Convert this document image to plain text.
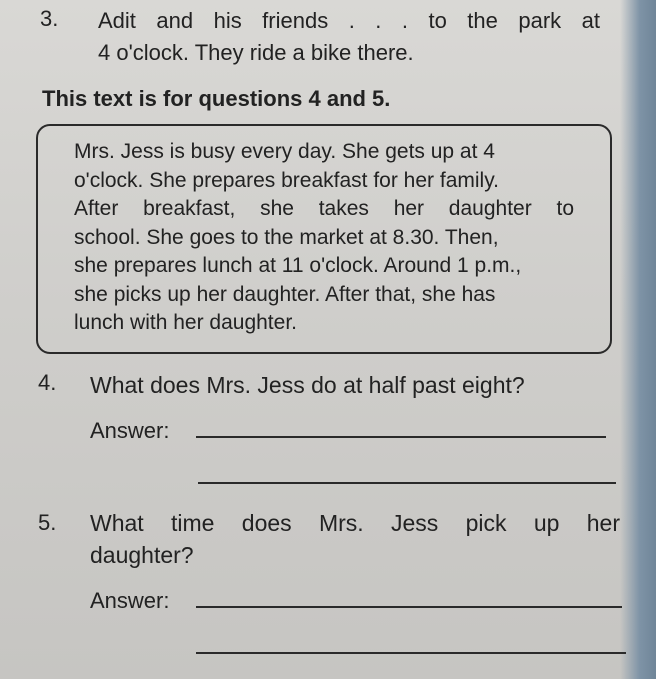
3. Adit and his friends . . . to the park at
4 o'clock. They ride a bike there.
This text is for questions 4 and 5.
Mrs. Jess is busy every day. She gets up at 4
o'clock. She prepares breakfast for her family.
After breakfast, she takes her daughter to
school. She goes to the market at 8.30. Then,
she prepares lunch at 11 o'clock. Around 1 p.m.,
she picks up her daughter. After that, she has
lunch with her daughter.
4. What does Mrs. Jess do at half past eight?
Answer:
5. What time does Mrs. Jess pick up her
daughter?
Answer:
